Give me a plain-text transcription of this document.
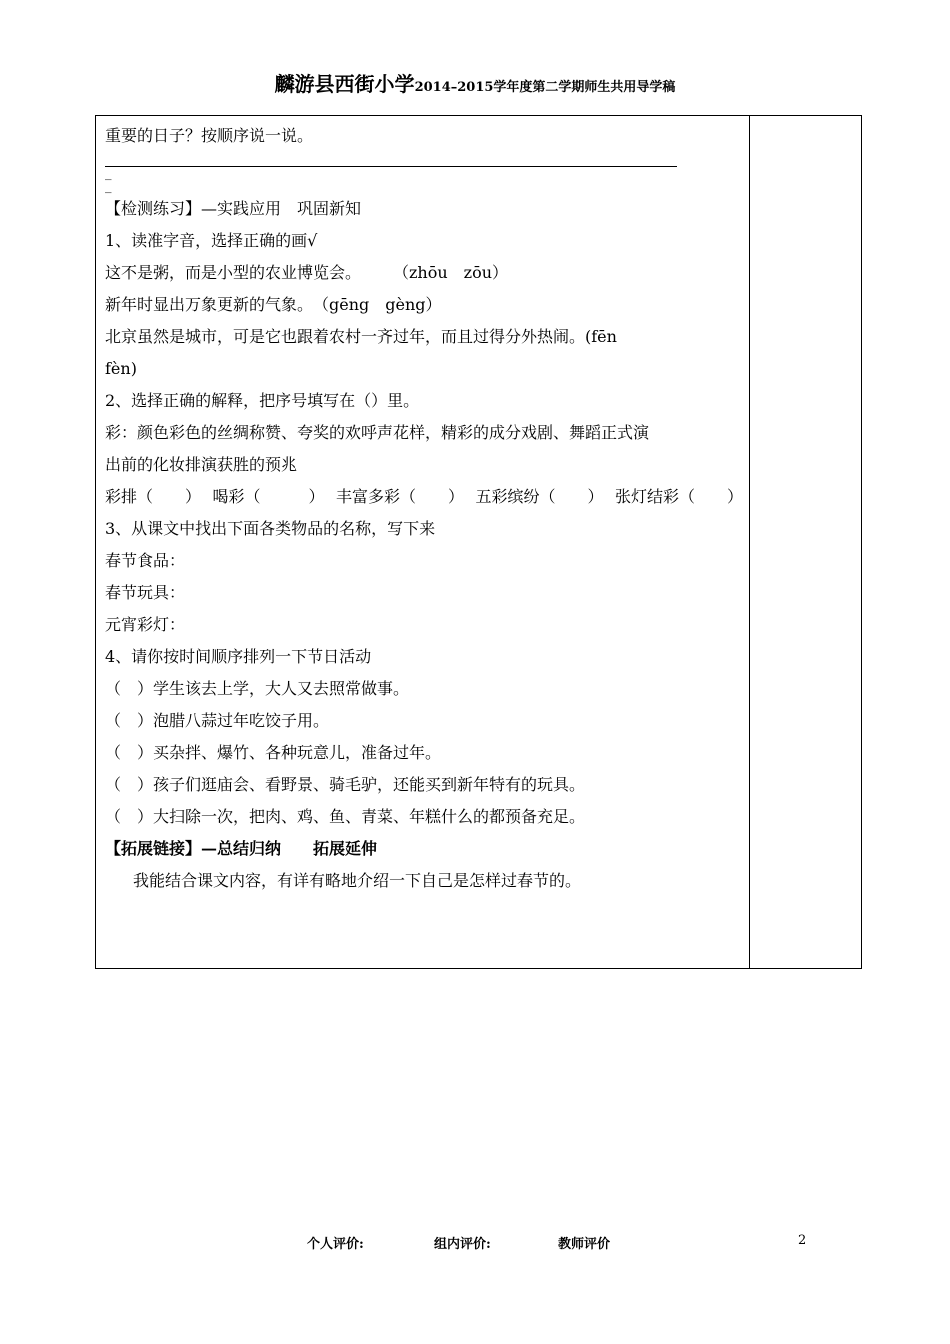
麟游县西街小学2014–2015学年度第二学期师生共用导学稿
重要的日子？按顺序说一说。
_
_
【检测练习】—实践应用　巩固新知
1、读准字音，选择正确的画√
这不是粥，而是小型的农业博览会。　　　（zhōu　zōu）
新年时显出万象更新的气象。　（gēng　gèng）
北京虽然是城市，可是它也跟着农村一齐过年，而且过得分外热闹。(fēn
fèn)
2、选择正确的解释，把序号填写在（）里。
彩：颜色彩色的丝绸称赞、夸奖的欢呼声花样，精彩的成分戏剧、舞蹈正式演
出前的化妆排演获胜的预兆
彩排（　　） 喝彩（　　　） 丰富多彩（　　） 五彩缤纷（　　） 张灯结彩（　　）
3、从课文中找出下面各类物品的名称，写下来
春节食品：
春节玩具：
元宵彩灯：
4、请你按时间顺序排列一下节日活动
（　）学生该去上学，大人又去照常做事。
（　）泡腊八蒜过年吃饺子用。
（　）买杂拌、爆竹、各种玩意儿，准备过年。
（　）孩子们逛庙会、看野景、骑毛驴，还能买到新年特有的玩具。
（　）大扫除一次，把肉、鸡、鱼、青菜、年糕什么的都预备充足。
【拓展链接】—总结归纳　　拓展延伸
我能结合课文内容，有详有略地介绍一下自己是怎样过春节的。
个人评价:	组内评价:	教师评价	2
